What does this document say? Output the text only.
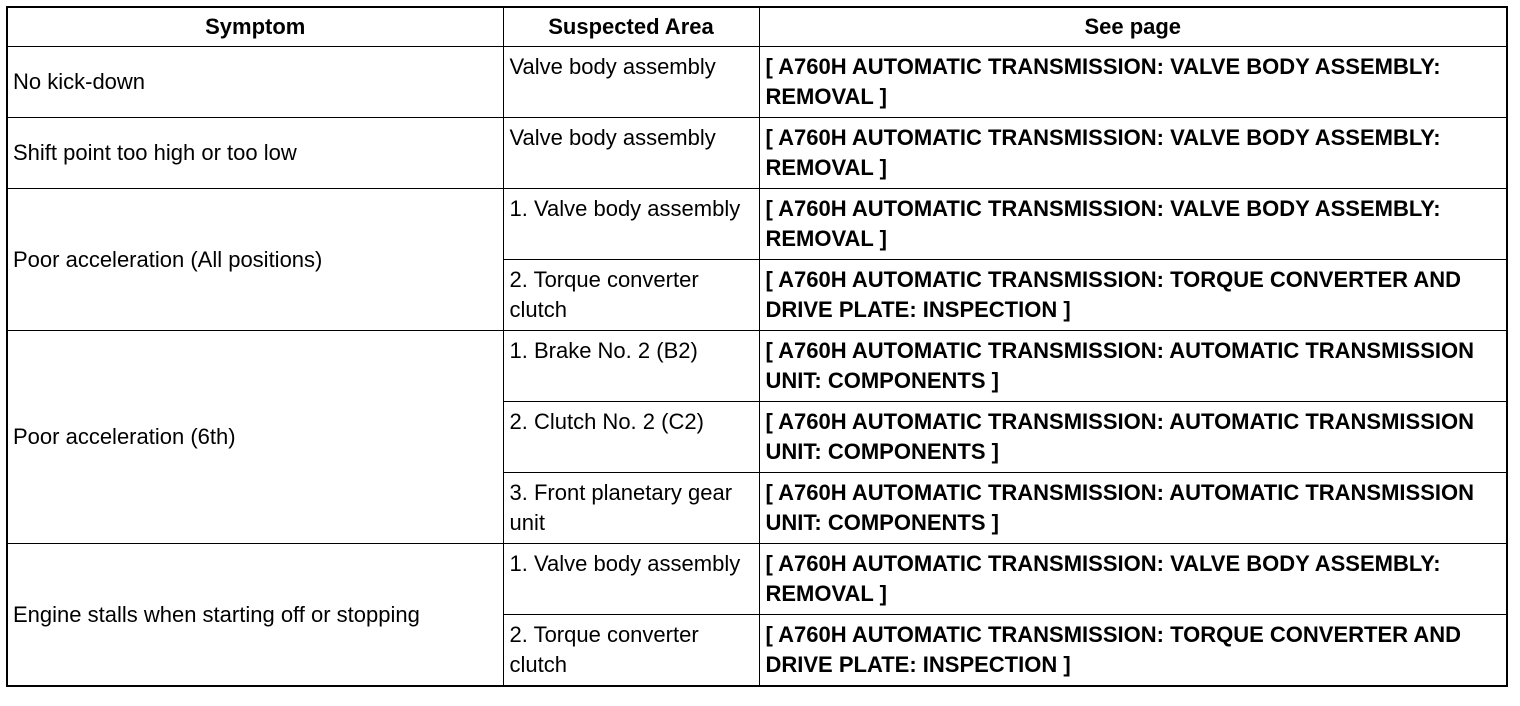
Symptom	Suspected Area	See page
No kick-down	Valve body assembly	[ A760H AUTOMATIC TRANSMISSION: VALVE BODY ASSEMBLY: REMOVAL ]
Shift point too high or too low	Valve body assembly	[ A760H AUTOMATIC TRANSMISSION: VALVE BODY ASSEMBLY: REMOVAL ]
Poor acceleration (All positions)	1. Valve body assembly	[ A760H AUTOMATIC TRANSMISSION: VALVE BODY ASSEMBLY: REMOVAL ]
	2. Torque converter clutch	[ A760H AUTOMATIC TRANSMISSION: TORQUE CONVERTER AND DRIVE PLATE: INSPECTION ]
Poor acceleration (6th)	1. Brake No. 2 (B2)	[ A760H AUTOMATIC TRANSMISSION: AUTOMATIC TRANSMISSION UNIT: COMPONENTS ]
	2. Clutch No. 2 (C2)	[ A760H AUTOMATIC TRANSMISSION: AUTOMATIC TRANSMISSION UNIT: COMPONENTS ]
	3. Front planetary gear unit	[ A760H AUTOMATIC TRANSMISSION: AUTOMATIC TRANSMISSION UNIT: COMPONENTS ]
Engine stalls when starting off or stopping	1. Valve body assembly	[ A760H AUTOMATIC TRANSMISSION: VALVE BODY ASSEMBLY: REMOVAL ]
	2. Torque converter clutch	[ A760H AUTOMATIC TRANSMISSION: TORQUE CONVERTER AND DRIVE PLATE: INSPECTION ]
